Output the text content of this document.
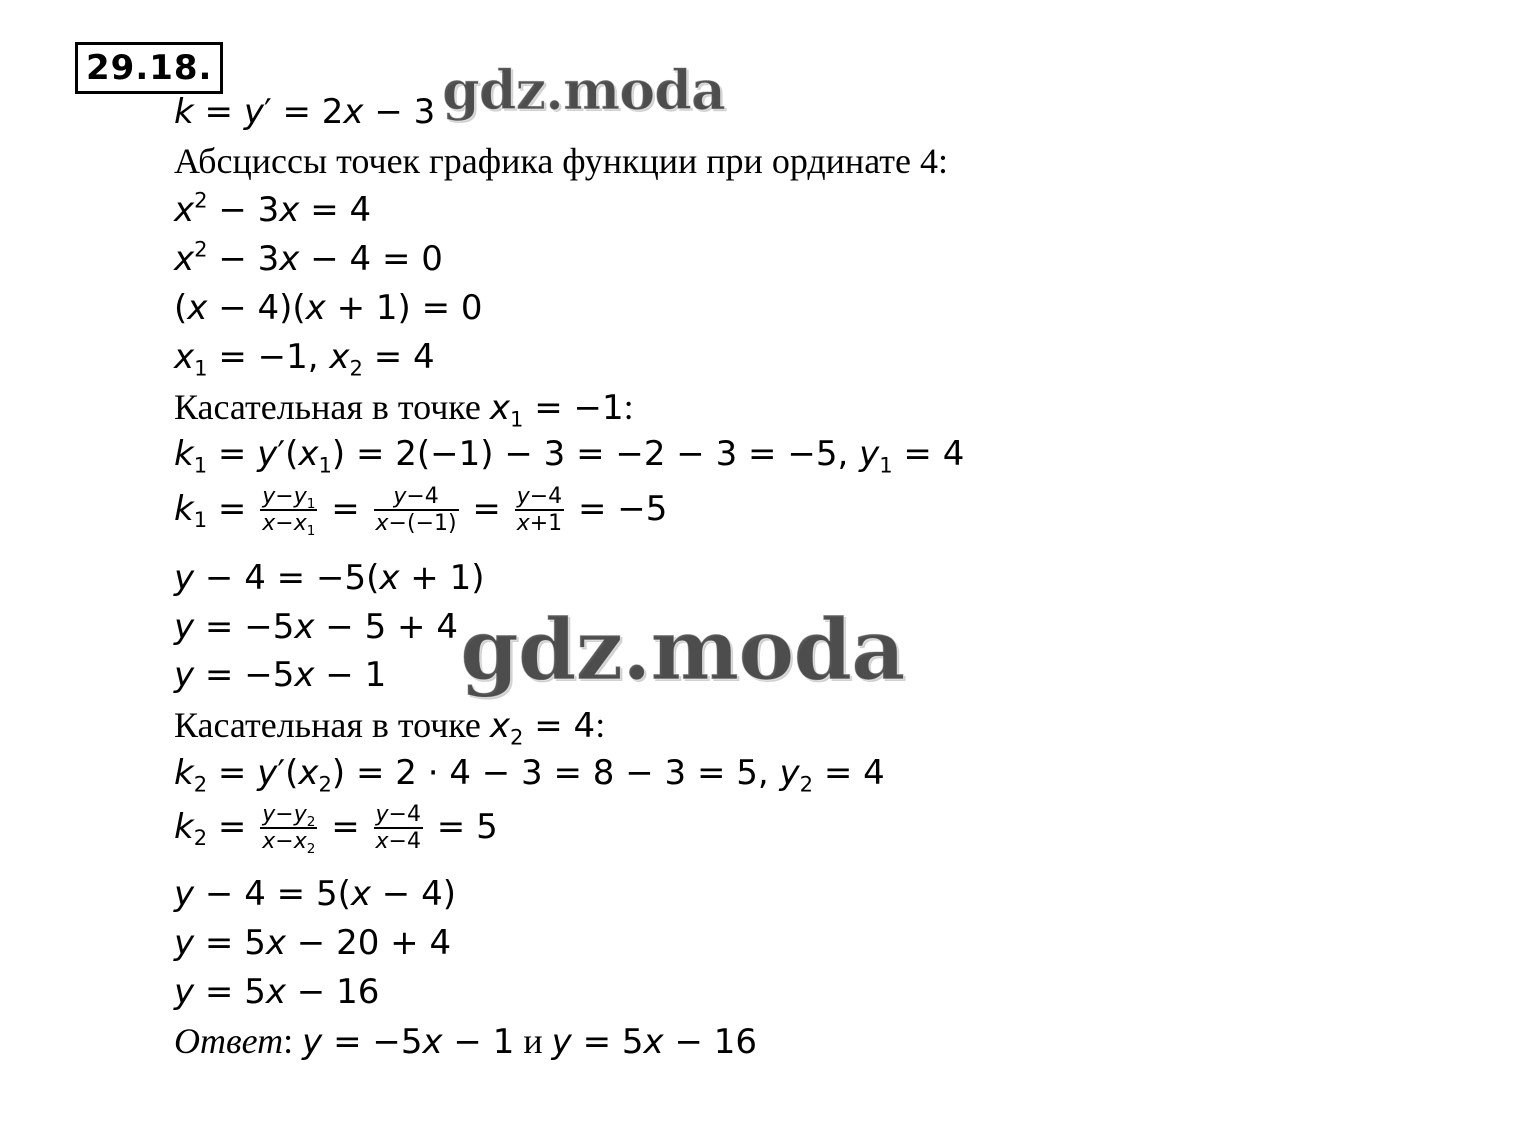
29.18.
k = y′ = 2x − 3
Абсциссы точек графика функции при ординате 4:
$x^2 - 3x = 4$
$x^2 - 3x - 4 = 0$
(x − 4)(x + 1) = 0
$x_1 = -1$, $x_2 = 4$
Касательная в точке $x_1 = -1$:
$k_1 = y'(x_1) = 2(-1) - 3 = -2 - 3 = -5$, $y_1 = 4$
$k_1 = \frac{y-y_1}{x-x_1} = \frac{y-4}{x-(-1)} = \frac{y-4}{x+1} = -5$
y − 4 = −5(x + 1)
y = −5x − 5 + 4
y = −5x − 1
Касательная в точке $x_2 = 4$:
$k_2 = y'(x_2) = 2 \cdot 4 - 3 = 8 - 3 = 5$, $y_2 = 4$
$k_2 = \frac{y-y_2}{x-x_2} = \frac{y-4}{x-4} = 5$
y − 4 = 5(x − 4)
y = 5x − 20 + 4
y = 5x − 16
Ответ: y = −5x − 1 и y = 5x − 16
gdz.moda
gdz.moda
